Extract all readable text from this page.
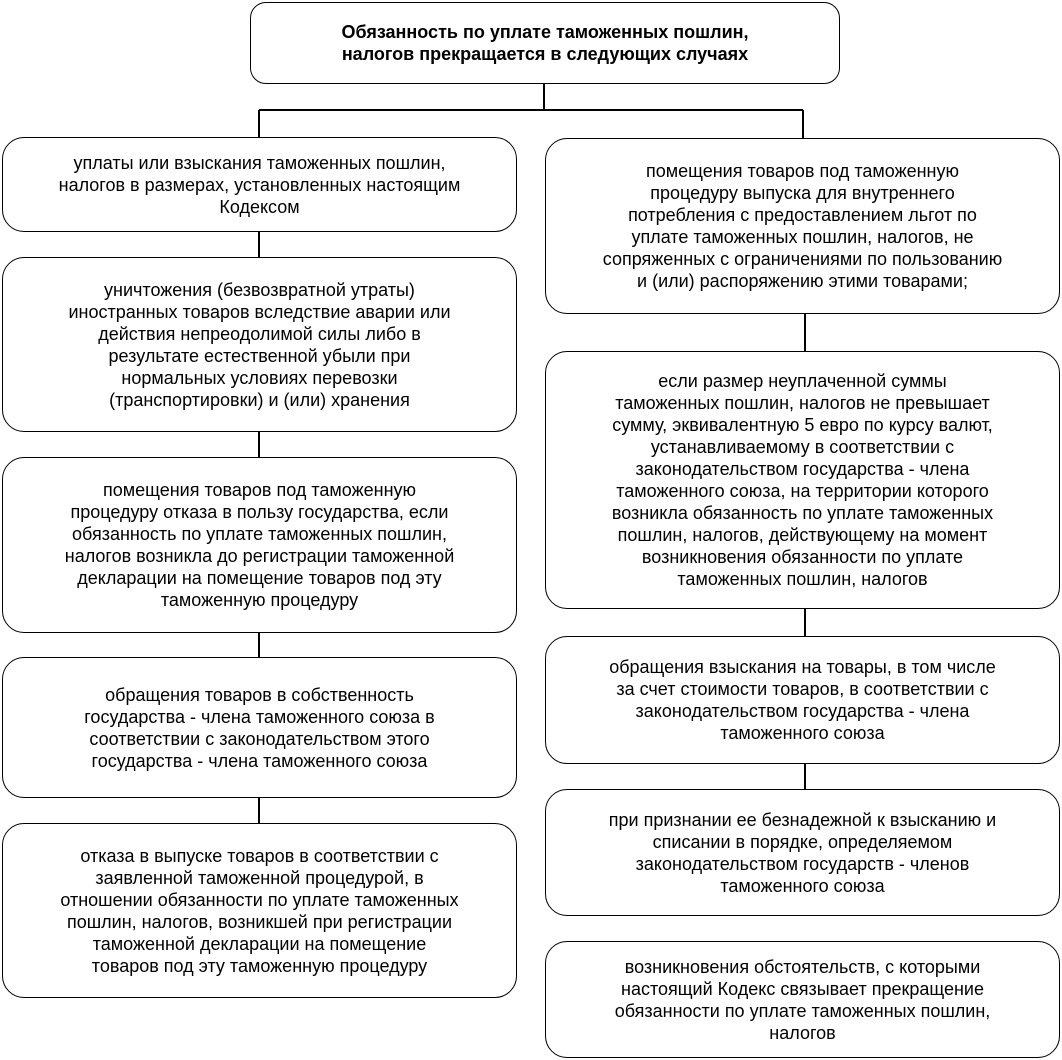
Обязанность по уплате таможенных пошлин,
налогов прекращается в следующих случаях
уплаты или взыскания таможенных пошлин,
налогов в размерах, установленных настоящим
Кодексом
уничтожения (безвозвратной утраты)
иностранных товаров вследствие аварии или
действия непреодолимой силы либо в
результате естественной убыли при
нормальных условиях перевозки
(транспортировки) и (или) хранения
помещения товаров под таможенную
процедуру отказа в пользу государства, если
обязанность по уплате таможенных пошлин,
налогов возникла до регистрации таможенной
декларации на помещение товаров под эту
таможенную процедуру
обращения товаров в собственность
государства - члена таможенного союза в
соответствии с законодательством этого
государства - члена таможенного союза
отказа в выпуске товаров в соответствии с
заявленной таможенной процедурой, в
отношении обязанности по уплате таможенных
пошлин, налогов, возникшей при регистрации
таможенной декларации на помещение
товаров под эту таможенную процедуру
помещения товаров под таможенную
процедуру выпуска для внутреннего
потребления с предоставлением льгот по
уплате таможенных пошлин, налогов, не
сопряженных с ограничениями по пользованию
и (или) распоряжению этими товарами;
если размер неуплаченной суммы
таможенных пошлин, налогов не превышает
сумму, эквивалентную 5 евро по курсу валют,
устанавливаемому в соответствии с
законодательством государства - члена
таможенного союза, на территории которого
возникла обязанность по уплате таможенных
пошлин, налогов, действующему на момент
возникновения обязанности по уплате
таможенных пошлин, налогов
обращения взыскания на товары, в том числе
за счет стоимости товаров, в соответствии с
законодательством государства - члена
таможенного союза
при признании ее безнадежной к взысканию и
списании в порядке, определяемом
законодательством государств - членов
таможенного союза
возникновения обстоятельств, с которыми
настоящий Кодекс связывает прекращение
обязанности по уплате таможенных пошлин,
налогов
